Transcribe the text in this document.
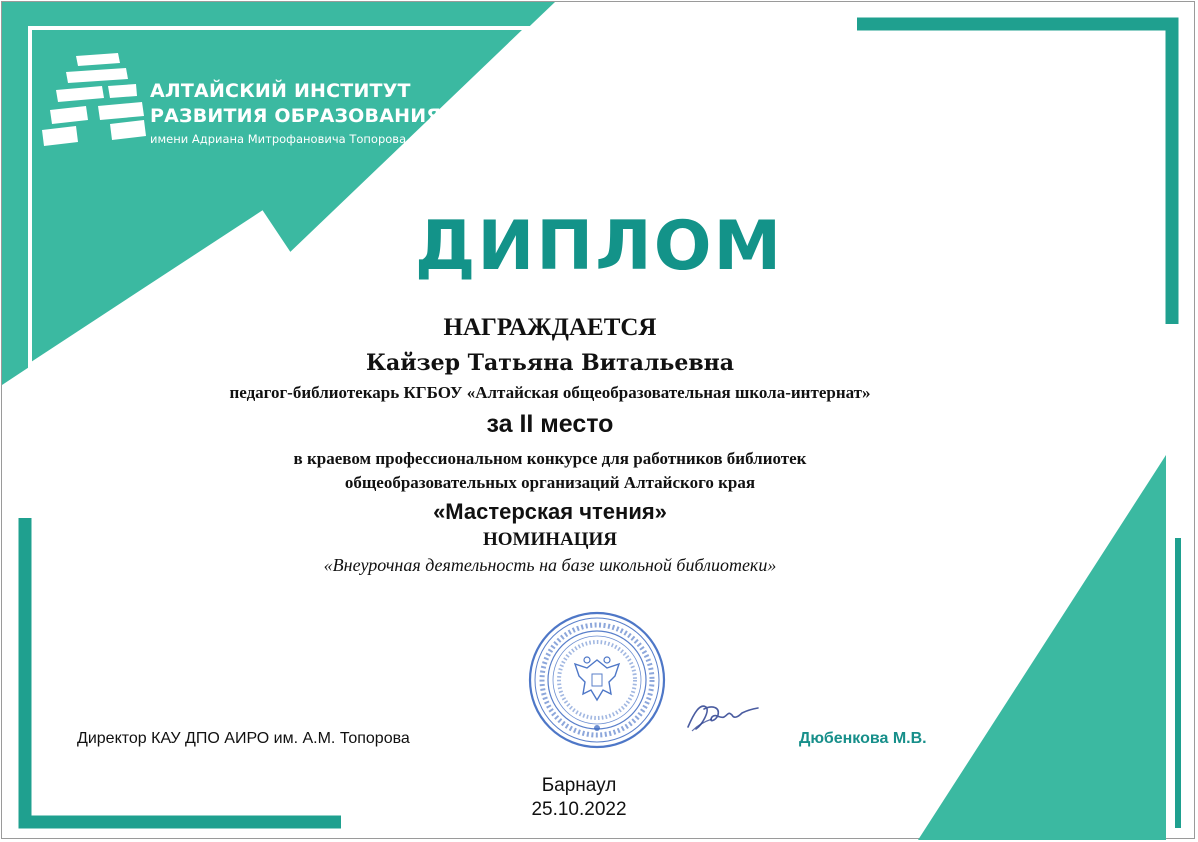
АЛТАЙСКИЙ ИНСТИТУТ
РАЗВИТИЯ ОБРАЗОВАНИЯ
имени Адриана Митрофановича Топорова
ДИПЛОМ
НАГРАЖДАЕТСЯ
Кайзер Татьяна Витальевна
педагог-библиотекарь КГБОУ «Алтайская общеобразовательная школа-интернат»
за II место
в краевом профессиональном конкурсе для работников библиотек
общеобразовательных организаций Алтайского края
«Мастерская чтения»
НОМИНАЦИЯ
«Внеурочная деятельность на базе школьной библиотеки»
Директор КАУ ДПО АИРО им. А.М. Топорова	Дюбенкова М.В.
Барнаул
25.10.2022
